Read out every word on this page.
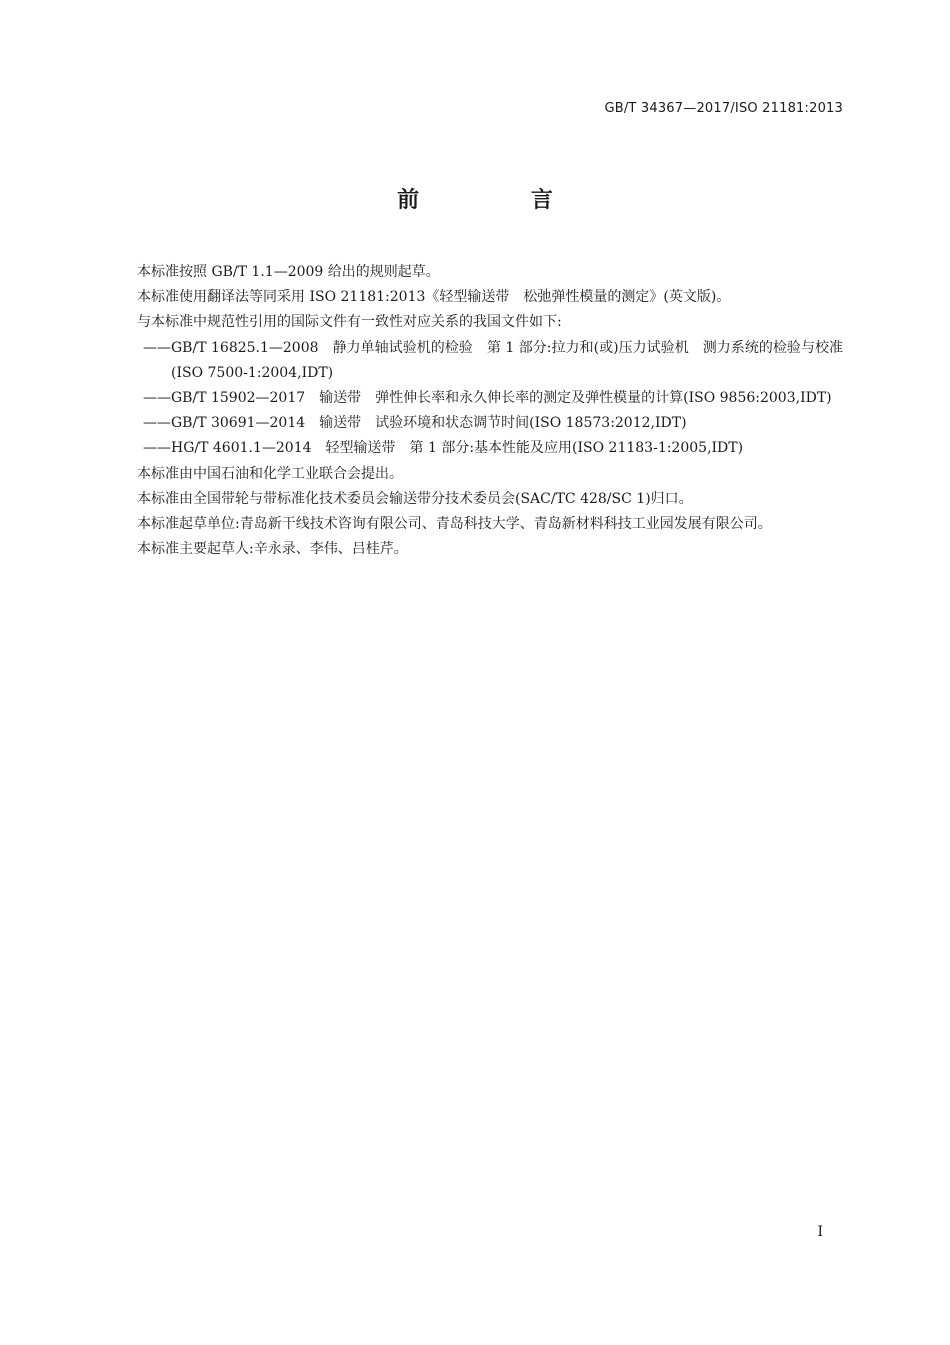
GB/T 34367—2017/ISO 21181:2013
前 言

本标准按照 GB/T 1.1—2009 给出的规则起草。

本标准使用翻译法等同采用 ISO 21181:2013《轻型输送带　松弛弹性模量的测定》(英文版)。

与本标准中规范性引用的国际文件有一致性对应关系的我国文件如下:

——GB/T 16825.1—2008　静力单轴试验机的检验　第 1 部分:拉力和(或)压力试验机　测力系统的检验与校准(ISO 7500-1:2004,IDT)

——GB/T 15902—2017　输送带　弹性伸长率和永久伸长率的测定及弹性模量的计算(ISO 9856:2003,IDT)

——GB/T 30691—2014　输送带　试验环境和状态调节时间(ISO 18573:2012,IDT)

——HG/T 4601.1—2014　轻型输送带　第 1 部分:基本性能及应用(ISO 21183-1:2005,IDT)

本标准由中国石油和化学工业联合会提出。

本标准由全国带轮与带标准化技术委员会输送带分技术委员会(SAC/TC 428/SC 1)归口。

本标准起草单位:青岛新干线技术咨询有限公司、青岛科技大学、青岛新材料科技工业园发展有限公司。

本标准主要起草人:辛永录、李伟、吕桂芹。

I
